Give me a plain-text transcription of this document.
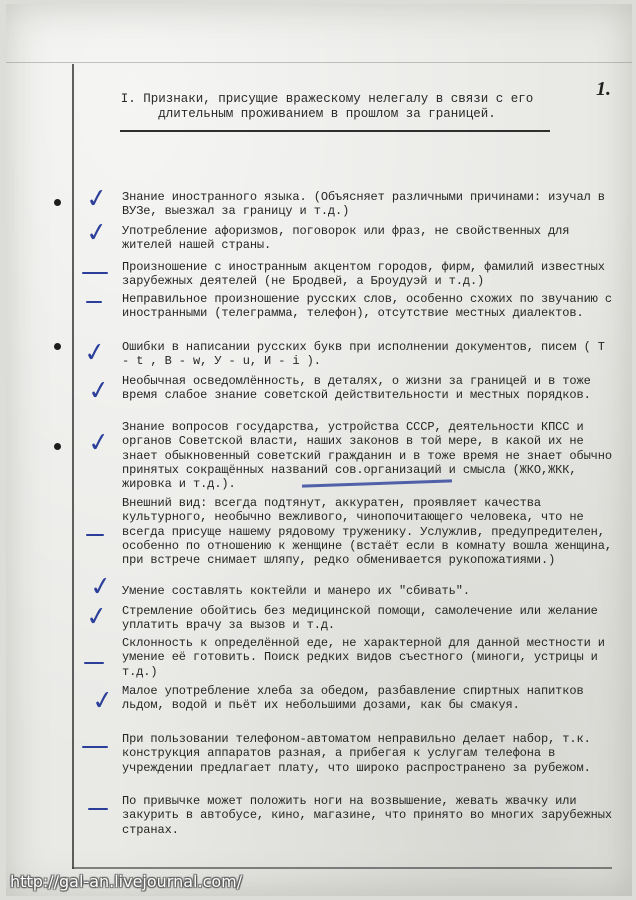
1.
I. Признаки, присущие вражескому нелегалу в связи с его длительным проживанием в прошлом за границей.
✓
✓
✓
✓
✓
✓
✓
✓
Знание иностранного языка. (Объясняет различными причинами: изучал в ВУЗе, выезжал за границу и т.д.)
Употребление афоризмов, поговорок или фраз, не свойственных для жителей нашей страны.
Произношение с иностранным акцентом городов, фирм, фамилий известных зарубежных деятелей (не Бродвей, а Броудуэй и т.д.)
Неправильное произношение русских слов, особенно схожих по звучанию с иностранными (телеграмма, телефон), отсутствие местных диалектов.
Ошибки в написании русских букв при исполнении документов, писем ( Т - t , В - w, У - u, И - i ).
Необычная осведомлённость, в деталях, о жизни за границей и в тоже время слабое знание советской действительности и местных порядков.
Знание вопросов государства, устройства СССР, деятельности КПСС и органов Советской власти, наших законов в той мере, в какой их не знает обыкновенный советский гражданин и в тоже время не знает обычно принятых сокращённых названий сов.организаций и смысла (ЖКО,ЖКК, жировка и т.д.).
Внешний вид: всегда подтянут, аккуратен, проявляет качества культурного, необычно вежливого, чинопочитающего человека, что не всегда присуще нашему рядовому труженику. Услужлив, предупредителен, особенно по отношению к женщине (встаёт если в комнату вошла женщина, при встрече снимает шляпу, редко обменивается рукопожатиями.)
Умение составлять коктейли и манеро их "сбивать".
Стремление обойтись без медицинской помощи, самолечение или желание уплатить врачу за вызов и т.д.
Склонность к определённой еде, не характерной для данной местности и умение её готовить. Поиск редких видов съестного (миноги, устрицы и т.д.)
Малое употребление хлеба за обедом, разбавление спиртных напитков льдом, водой и пьёт их небольшими дозами, как бы смакуя.
При пользовании телефоном-автоматом неправильно делает набор, т.к. конструкция аппаратов разная, а прибегая к услугам телефона в учреждении предлагает плату, что широко распространено за рубежом.
По привычке может положить ноги на возвышение, жевать жвачку или закурить в автобусе, кино, магазине, что принято во многих зарубежных странах.
http://gal-an.livejournal.com/
